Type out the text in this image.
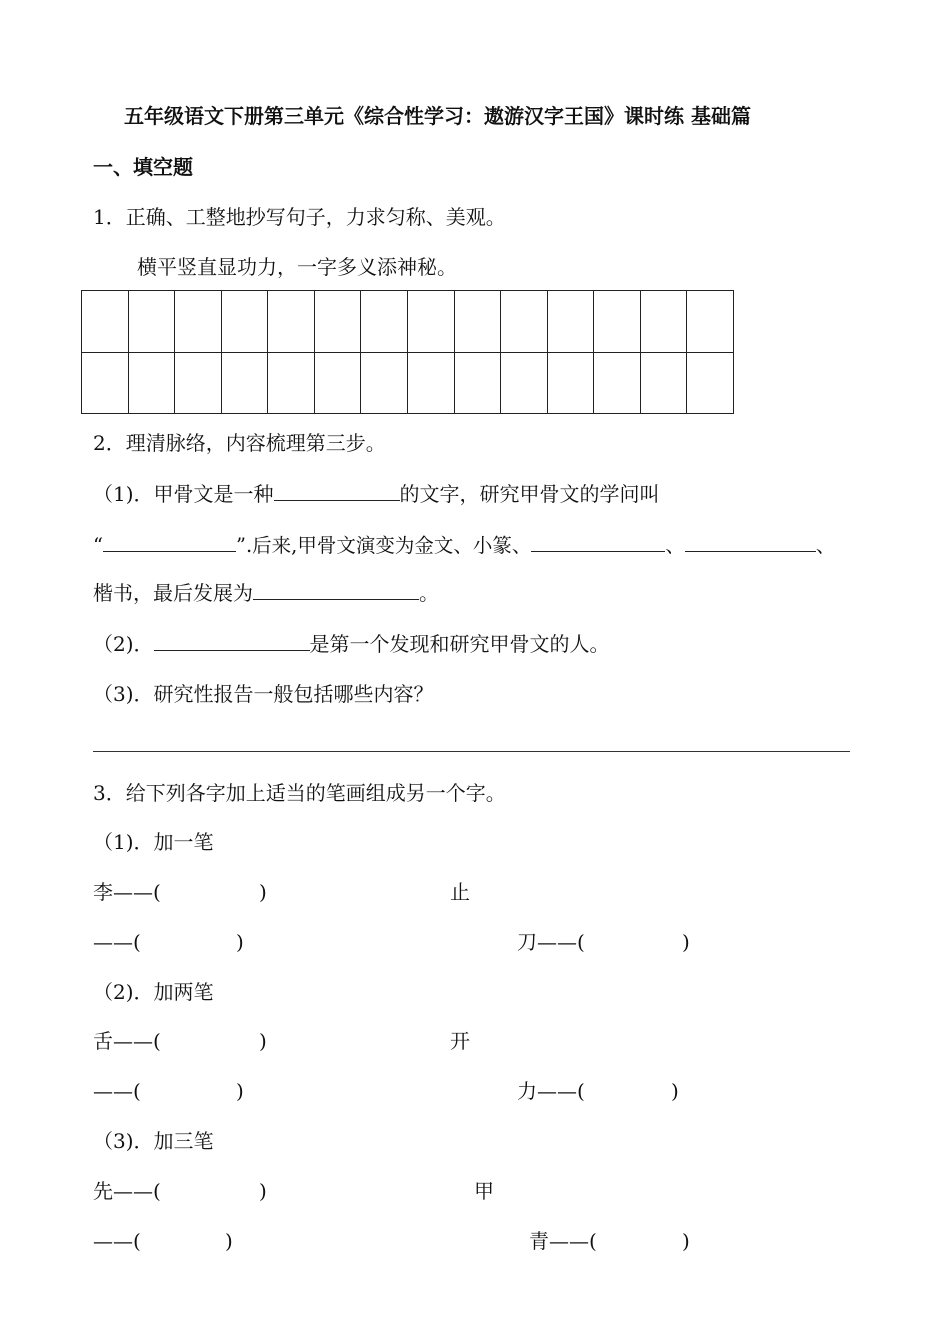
五年级语文下册第三单元《综合性学习：遨游汉字王国》课时练 基础篇
一、填空题
1．正确、工整地抄写句子，力求匀称、美观。
横平竖直显功力，一字多义添神秘。

2．理清脉络，内容梳理第三步。
（1)．甲骨文是一种	的文字，研究甲骨文的学问叫
“	”.后来,甲骨文演变为金文、小篆、	、	、
楷书，最后发展为	。
（2)．	是第一个发现和研究甲骨文的人。
（3)．研究性报告一般包括哪些内容？
3．给下列各字加上适当的笔画组成另一个字。
（1)．加一笔
李——(	)	止
——(	)	刀——(	)
（2)．加两笔
舌——(	)	开
——(	)	力——(	)
（3)．加三笔
先——(	)	甲
——(	)	青——(	)
